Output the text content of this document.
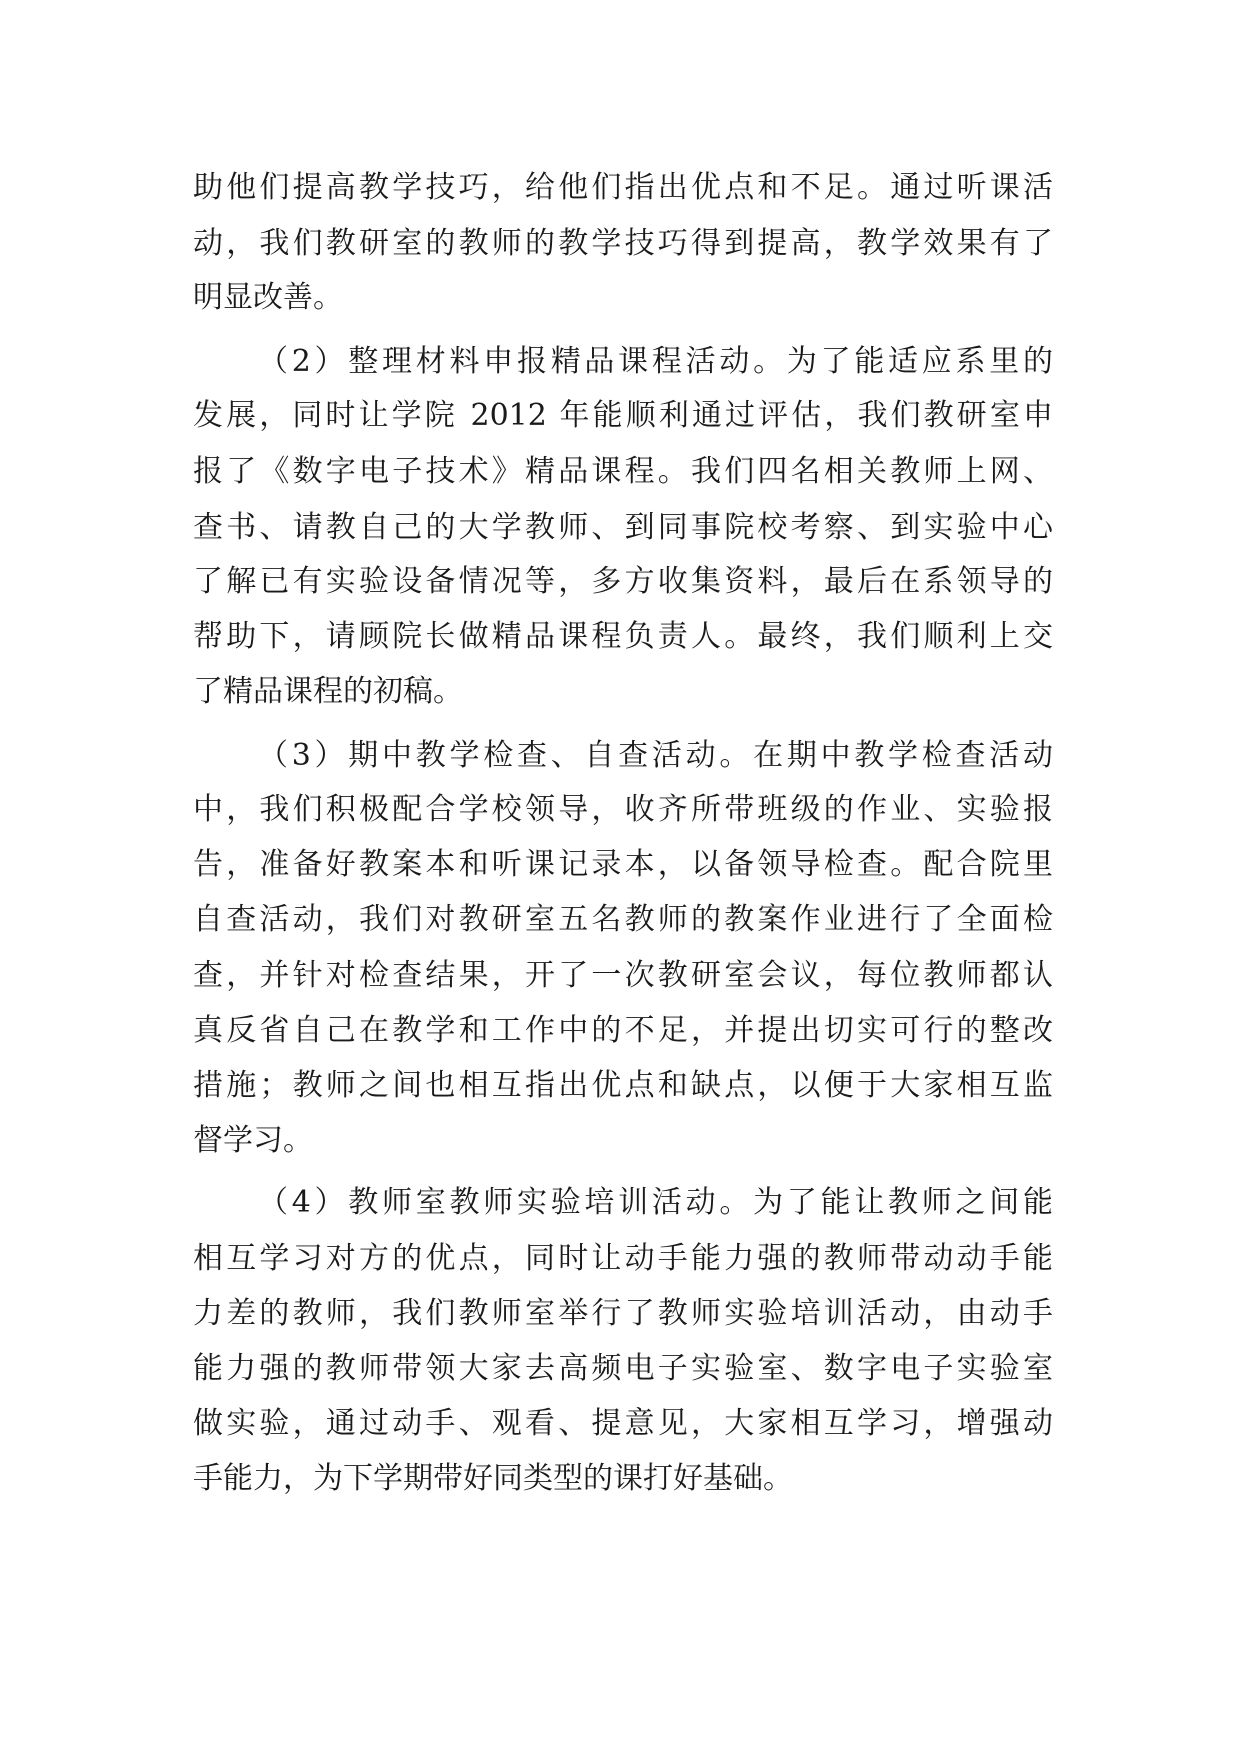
助他们提高教学技巧，给他们指出优点和不足。通过听课活
动，我们教研室的教师的教学技巧得到提高，教学效果有了
明显改善。
（2）整理材料申报精品课程活动。为了能适应系里的
发展，同时让学院 2012 年能顺利通过评估，我们教研室申
报了《数字电子技术》精品课程。我们四名相关教师上网、
查书、请教自己的大学教师、到同事院校考察、到实验中心
了解已有实验设备情况等，多方收集资料，最后在系领导的
帮助下，请顾院长做精品课程负责人。最终，我们顺利上交
了精品课程的初稿。
（3）期中教学检查、自查活动。在期中教学检查活动
中，我们积极配合学校领导，收齐所带班级的作业、实验报
告，准备好教案本和听课记录本，以备领导检查。配合院里
自查活动，我们对教研室五名教师的教案作业进行了全面检
查，并针对检查结果，开了一次教研室会议，每位教师都认
真反省自己在教学和工作中的不足，并提出切实可行的整改
措施；教师之间也相互指出优点和缺点，以便于大家相互监
督学习。
（4）教师室教师实验培训活动。为了能让教师之间能
相互学习对方的优点，同时让动手能力强的教师带动动手能
力差的教师，我们教师室举行了教师实验培训活动，由动手
能力强的教师带领大家去高频电子实验室、数字电子实验室
做实验，通过动手、观看、提意见，大家相互学习，增强动
手能力，为下学期带好同类型的课打好基础。
